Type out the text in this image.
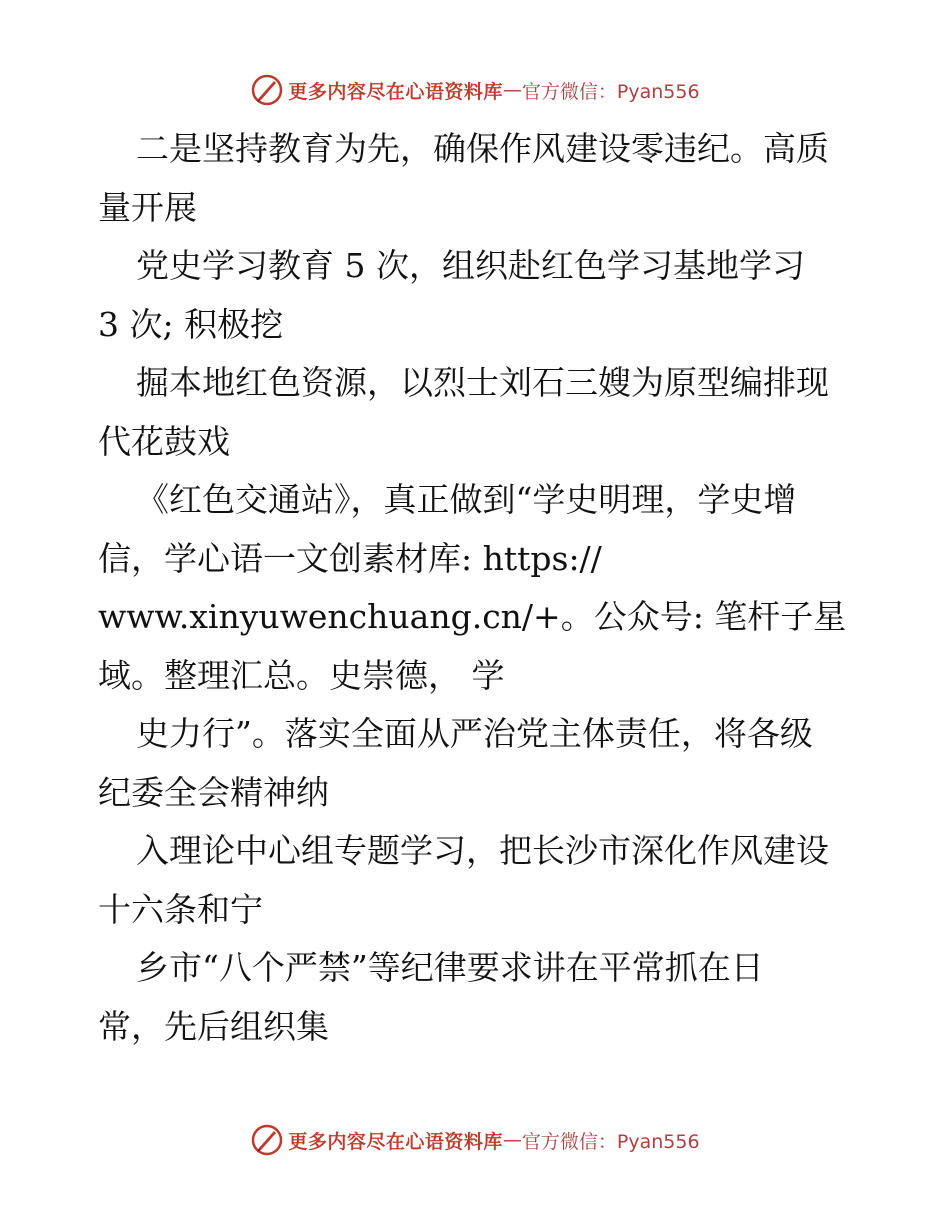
更多内容尽在心语资料库 — 官方微信：Pyan556
二是坚持教育为先，确保作风建设零违纪。高质
量开展
党史学习教育 5 次，组织赴红色学习基地学习
3 次; 积极挖
掘本地红色资源，以烈士刘石三嫂为原型编排现
代花鼓戏
《红色交通站》，真正做到“学史明理，学史增
信，学心语一文创素材库: https://
www.xinyuwenchuang.cn/+。公众号: 笔杆子星
域。整理汇总。史崇德， 学
史力行”。落实全面从严治党主体责任，将各级
纪委全会精神纳
入理论中心组专题学习，把长沙市深化作风建设
十六条和宁
乡市“八个严禁”等纪律要求讲在平常抓在日
常，先后组织集
更多内容尽在心语资料库 — 官方微信：Pyan556
